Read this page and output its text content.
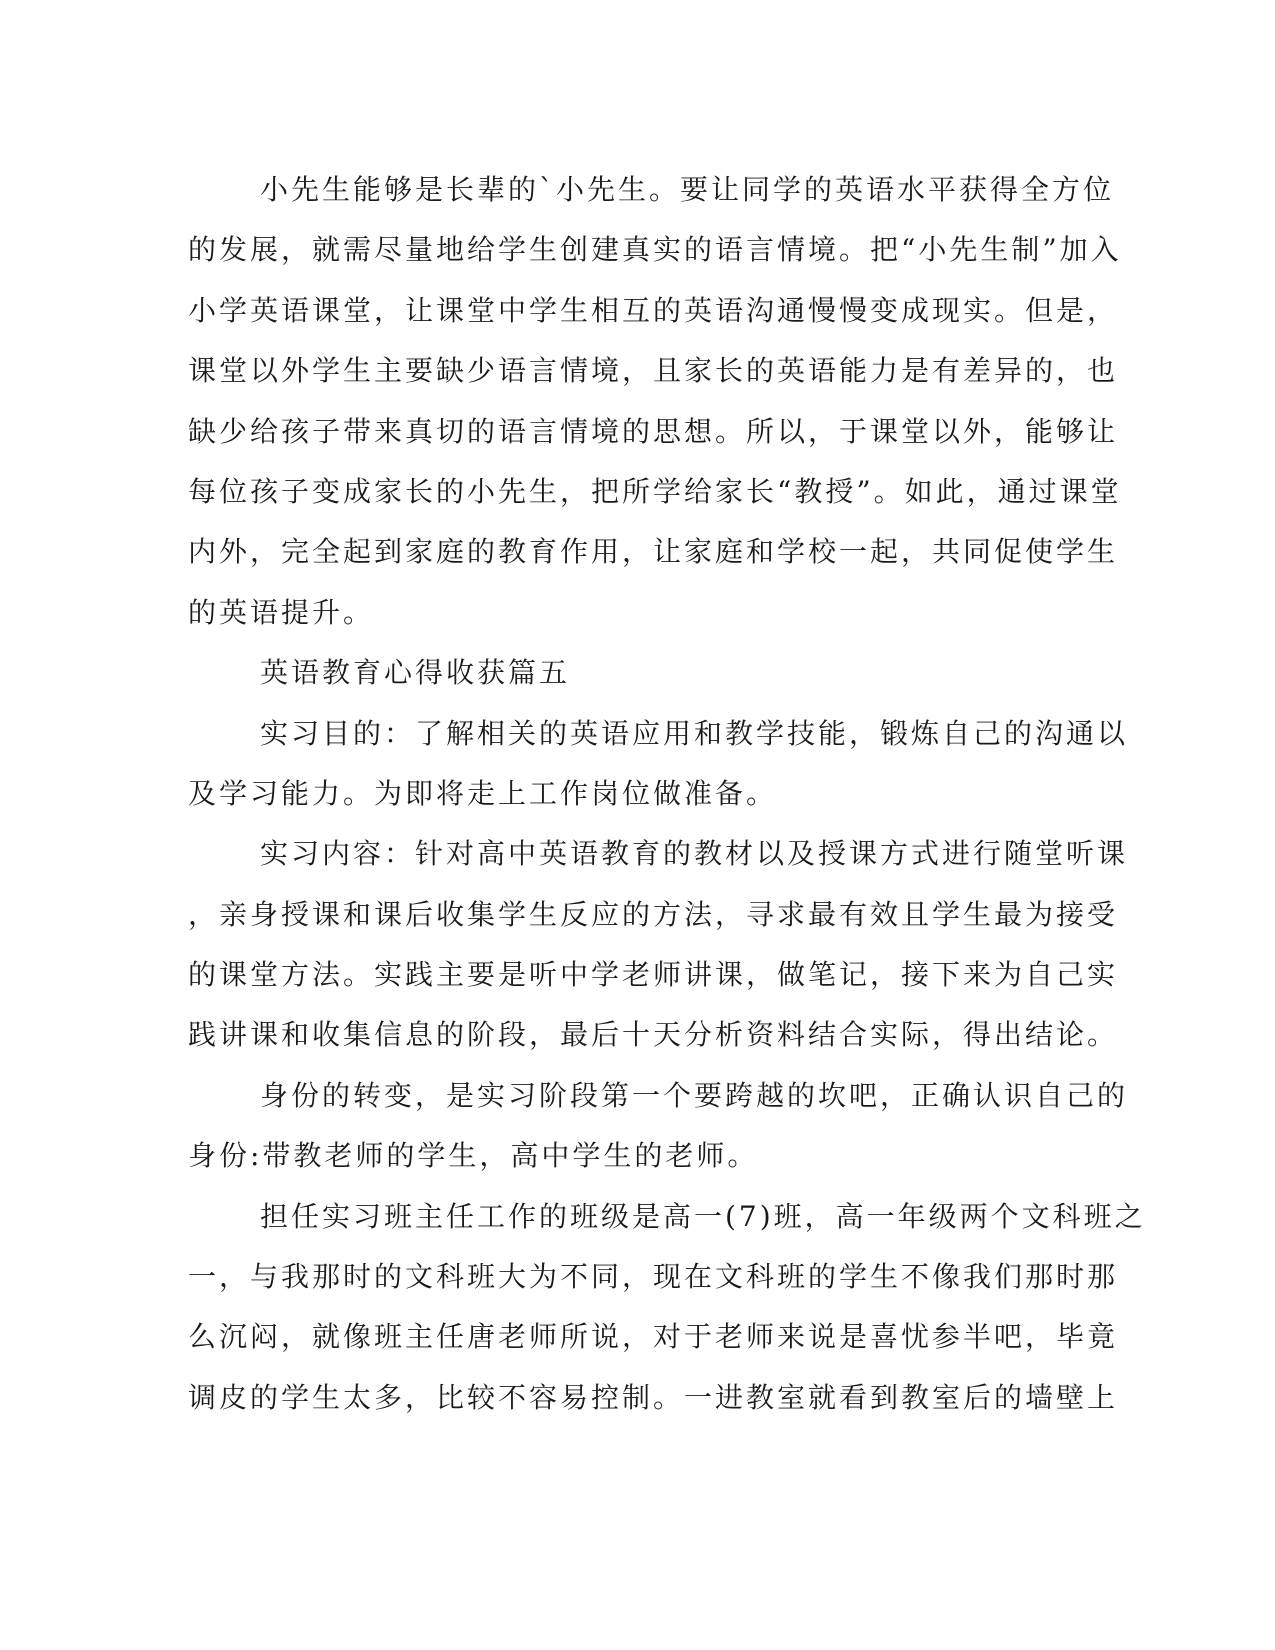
小先生能够是长辈的`小先生。要让同学的英语水平获得全方位
的发展，就需尽量地给学生创建真实的语言情境。把“小先生制”加入
小学英语课堂，让课堂中学生相互的英语沟通慢慢变成现实。但是，
课堂以外学生主要缺少语言情境，且家长的英语能力是有差异的，也
缺少给孩子带来真切的语言情境的思想。所以，于课堂以外，能够让
每位孩子变成家长的小先生，把所学给家长“教授”。如此，通过课堂
内外，完全起到家庭的教育作用，让家庭和学校一起，共同促使学生
的英语提升。
英语教育心得收获篇五
实习目的：了解相关的英语应用和教学技能，锻炼自己的沟通以
及学习能力。为即将走上工作岗位做准备。
实习内容：针对高中英语教育的教材以及授课方式进行随堂听课
，亲身授课和课后收集学生反应的方法，寻求最有效且学生最为接受
的课堂方法。实践主要是听中学老师讲课，做笔记，接下来为自己实
践讲课和收集信息的阶段，最后十天分析资料结合实际，得出结论。
身份的转变，是实习阶段第一个要跨越的坎吧，正确认识自己的
身份:带教老师的学生，高中学生的老师。
担任实习班主任工作的班级是高一(7)班，高一年级两个文科班之
一，与我那时的文科班大为不同，现在文科班的学生不像我们那时那
么沉闷，就像班主任唐老师所说，对于老师来说是喜忧参半吧，毕竟
调皮的学生太多，比较不容易控制。一进教室就看到教室后的墙壁上
